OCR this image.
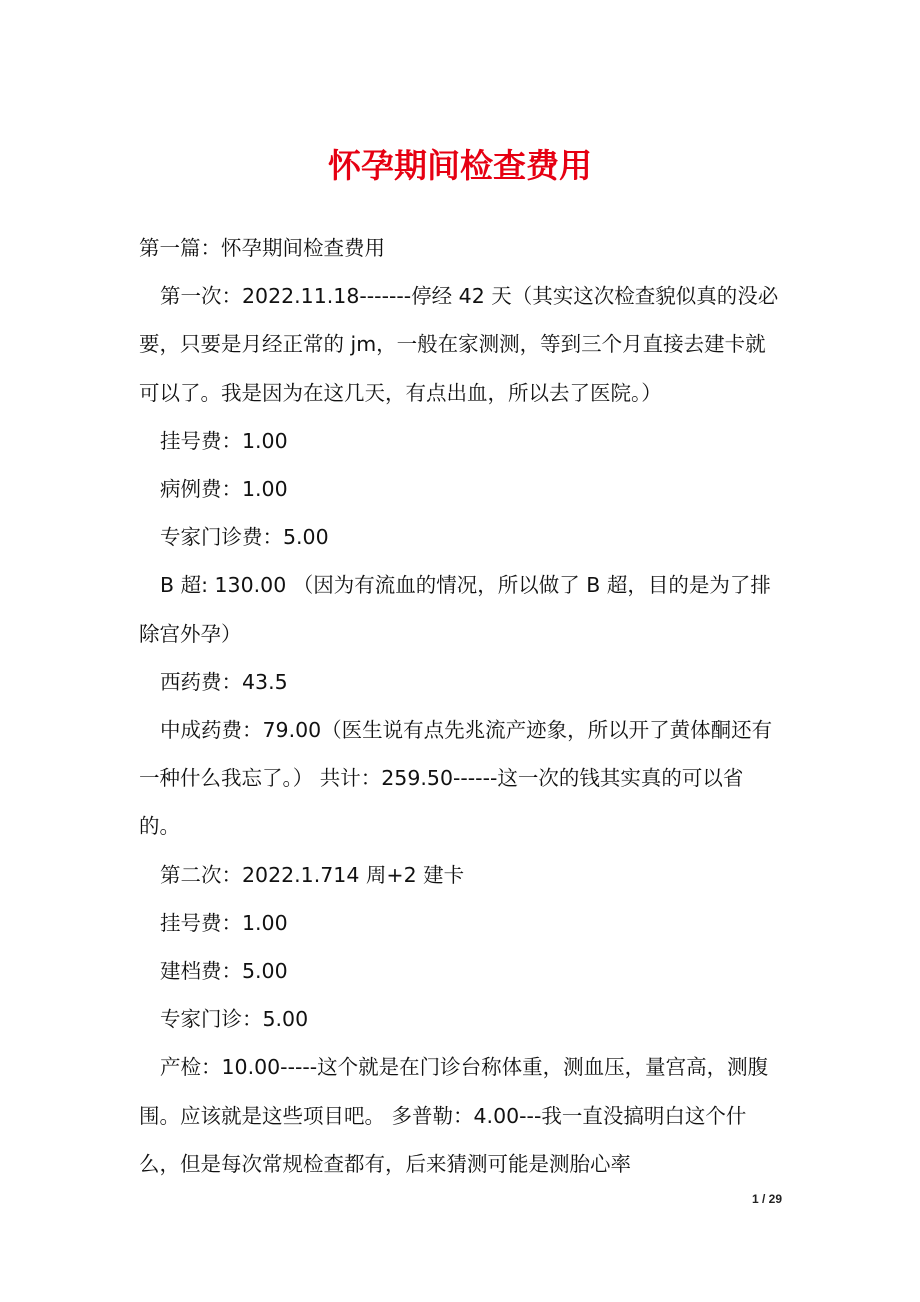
怀孕期间检查费用

第一篇：怀孕期间检查费用

第一次：2022.11.18-------停经 42 天（其实这次检查貌似真的没必要，只要是月经正常的 jm，一般在家测测，等到三个月直接去建卡就可以了。我是因为在这几天，有点出血，所以去了医院。）

挂号费：1.00

病例费：1.00

专家门诊费：5.00

B 超: 130.00 （因为有流血的情况，所以做了 B 超，目的是为了排除宫外孕）

西药费：43.5

中成药费：79.00（医生说有点先兆流产迹象，所以开了黄体酮还有一种什么我忘了。） 共计：259.50------这一次的钱其实真的可以省的。

第二次：2022.1.714 周+2 建卡

挂号费：1.00

建档费：5.00

专家门诊：5.00

产检：10.00-----这个就是在门诊台称体重，测血压，量宫高，测腹围。应该就是这些项目吧。 多普勒：4.00---我一直没搞明白这个什么，但是每次常规检查都有，后来猜测可能是测胎心率

1 / 29
